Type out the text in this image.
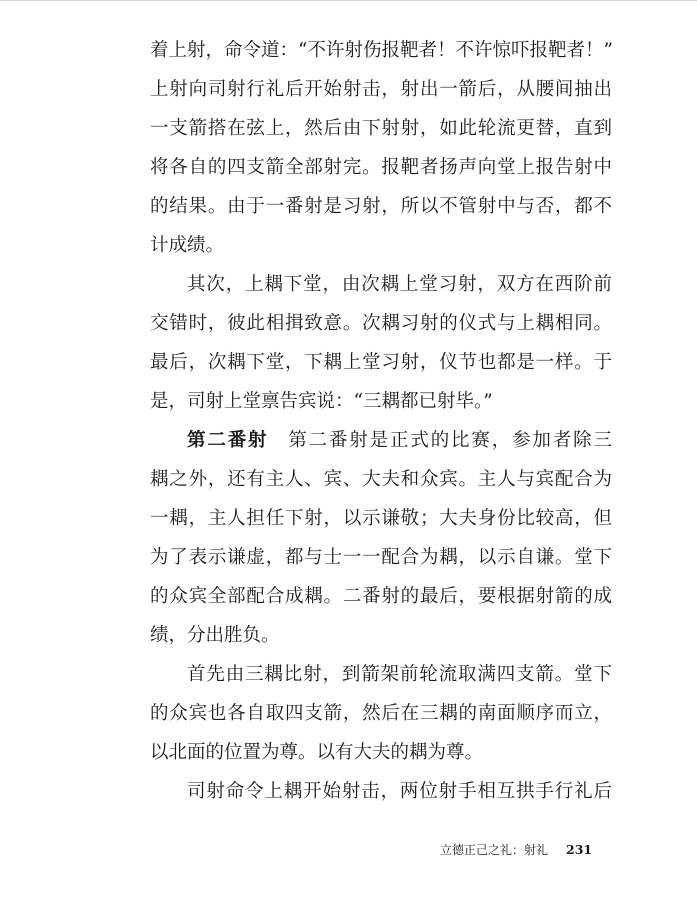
着上射，命令道：“不许射伤报靶者！不许惊吓报靶者！”
上射向司射行礼后开始射击，射出一箭后，从腰间抽出
一支箭搭在弦上，然后由下射射，如此轮流更替，直到
将各自的四支箭全部射完。报靶者扬声向堂上报告射中
的结果。由于一番射是习射，所以不管射中与否，都不
计成绩。
其次，上耦下堂，由次耦上堂习射，双方在西阶前
交错时，彼此相揖致意。次耦习射的仪式与上耦相同。
最后，次耦下堂，下耦上堂习射，仪节也都是一样。于
是，司射上堂禀告宾说：“三耦都已射毕。”
第二番射 第二番射是正式的比赛，参加者除三
耦之外，还有主人、宾、大夫和众宾。主人与宾配合为
一耦，主人担任下射，以示谦敬；大夫身份比较高，但
为了表示谦虚，都与士一一配合为耦，以示自谦。堂下
的众宾全部配合成耦。二番射的最后，要根据射箭的成
绩，分出胜负。
首先由三耦比射，到箭架前轮流取满四支箭。堂下
的众宾也各自取四支箭，然后在三耦的南面顺序而立，
以北面的位置为尊。以有大夫的耦为尊。
司射命令上耦开始射击，两位射手相互拱手行礼后
立德正己之礼：射礼 231
